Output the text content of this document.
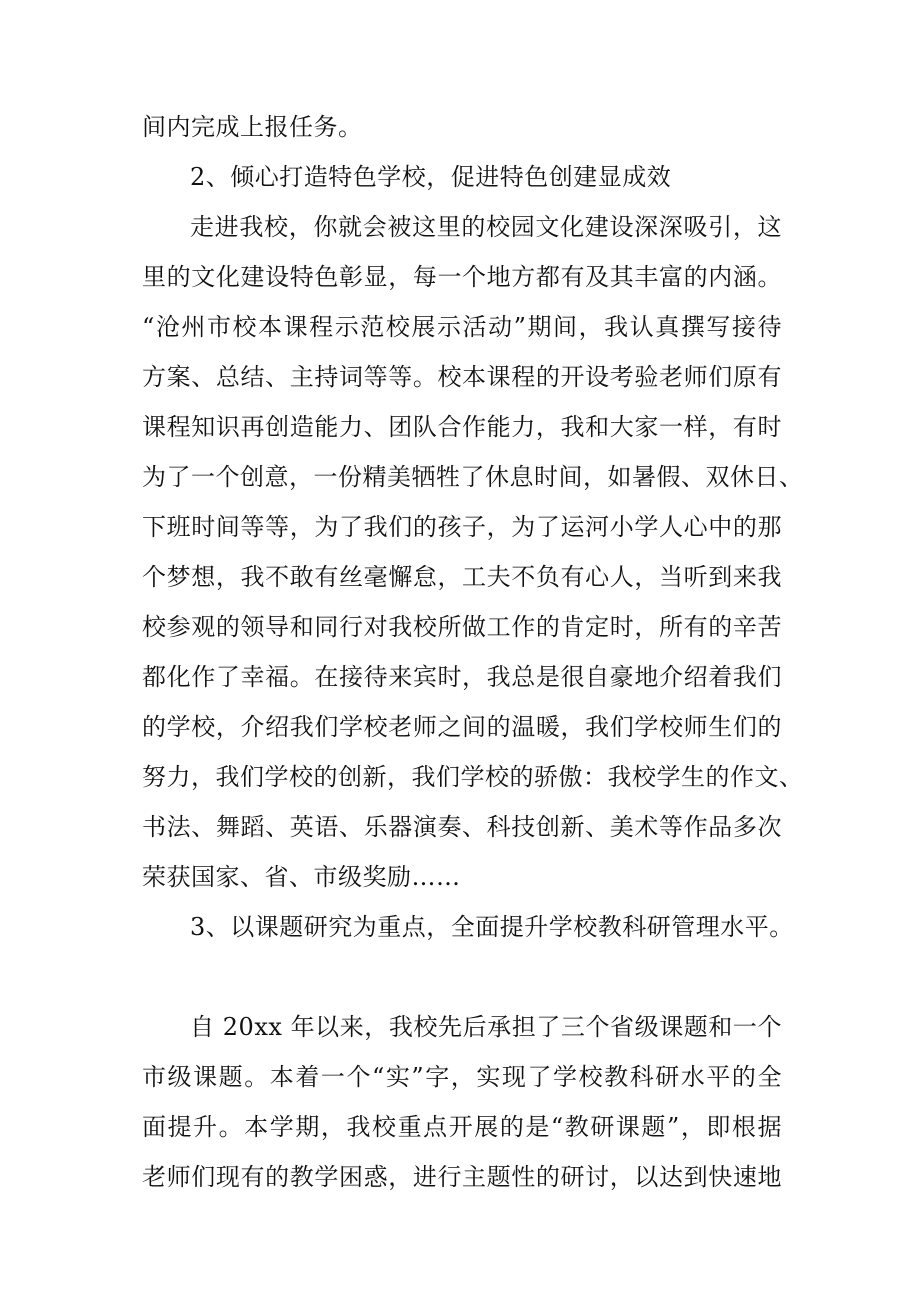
间内完成上报任务。
2、倾心打造特色学校，促进特色创建显成效
走进我校，你就会被这里的校园文化建设深深吸引，这
里的文化建设特色彰显，每一个地方都有及其丰富的内涵。
“沧州市校本课程示范校展示活动”期间，我认真撰写接待
方案、总结、主持词等等。校本课程的开设考验老师们原有
课程知识再创造能力、团队合作能力，我和大家一样，有时
为了一个创意，一份精美牺牲了休息时间，如暑假、双休日、
下班时间等等，为了我们的孩子，为了运河小学人心中的那
个梦想，我不敢有丝毫懈怠，工夫不负有心人，当听到来我
校参观的领导和同行对我校所做工作的肯定时，所有的辛苦
都化作了幸福。在接待来宾时，我总是很自豪地介绍着我们
的学校，介绍我们学校老师之间的温暖，我们学校师生们的
努力，我们学校的创新，我们学校的骄傲：我校学生的作文、
书法、舞蹈、英语、乐器演奏、科技创新、美术等作品多次
荣获国家、省、市级奖励……
3、以课题研究为重点，全面提升学校教科研管理水平。
自 20xx 年以来，我校先后承担了三个省级课题和一个
市级课题。本着一个“实”字，实现了学校教科研水平的全
面提升。本学期，我校重点开展的是“教研课题”，即根据
老师们现有的教学困惑，进行主题性的研讨，以达到快速地
